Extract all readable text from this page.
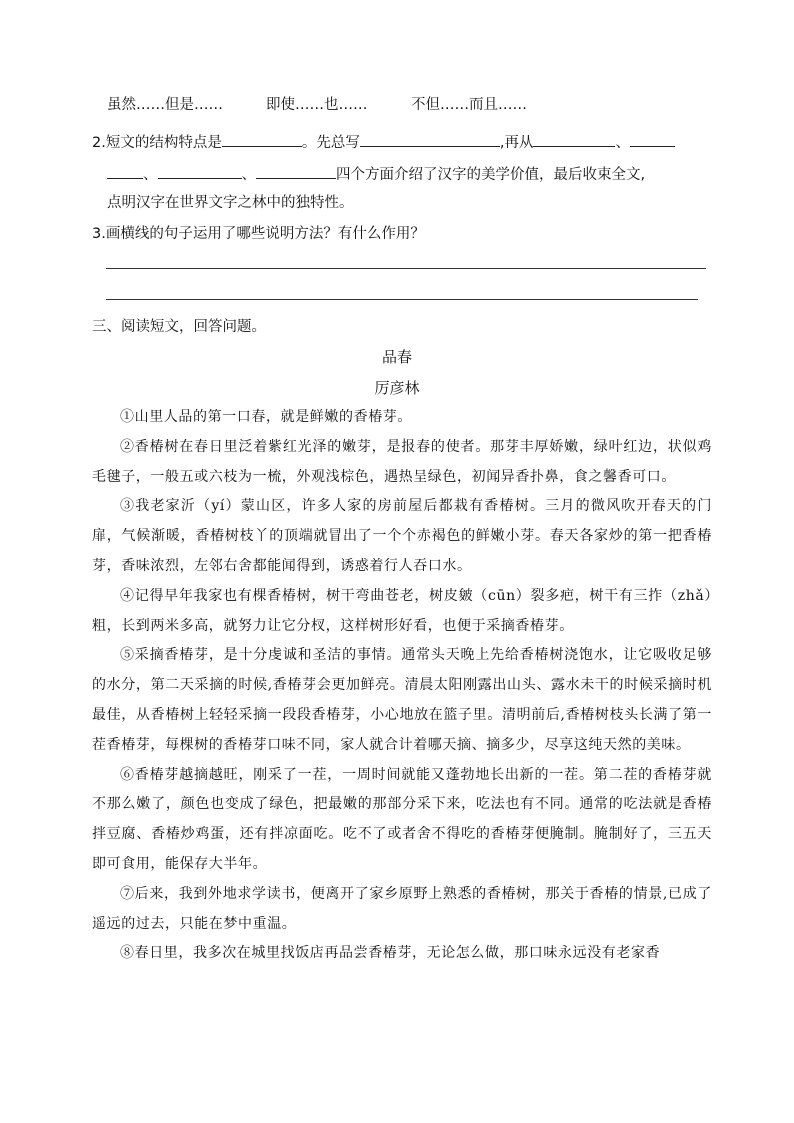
虽然……但是……	即使……也……	不但……而且……
2.短文的结构特点是	。先总写	,再从	、
、	、	四个方面介绍了汉字的美学价值，最后收束全文,
点明汉字在世界文字之林中的独特性。
3.画横线的句子运用了哪些说明方法？有什么作用？
三、阅读短文，回答问题。
品春
厉彦林

①山里人品的第一口春，就是鲜嫩的香椿芽。

②香椿树在春日里泛着紫红光泽的嫩芽，是报春的使者。那芽丰厚娇嫩，绿叶红边，状似鸡毛毽子，一般五或六枝为一梳，外观浅棕色，遇热呈绿色，初闻异香扑鼻，食之馨香可口。

③我老家沂（yí）蒙山区，许多人家的房前屋后都栽有香椿树。三月的微风吹开春天的门扉，气候渐暖，香椿树枝丫的顶端就冒出了一个个赤褐色的鲜嫩小芽。春天各家炒的第一把香椿芽，香味浓烈，左邻右舍都能闻得到，诱惑着行人吞口水。

④记得早年我家也有棵香椿树，树干弯曲苍老，树皮皴（cūn）裂多疤，树干有三拃（zhǎ）粗，长到两米多高，就努力让它分杈，这样树形好看，也便于采摘香椿芽。

⑤采摘香椿芽，是十分虔诚和圣洁的事情。通常头天晚上先给香椿树浇饱水，让它吸收足够的水分，第二天采摘的时候,香椿芽会更加鲜亮。清晨太阳刚露出山头、露水未干的时候采摘时机最佳，从香椿树上轻轻采摘一段段香椿芽，小心地放在篮子里。清明前后,香椿树枝头长满了第一茬香椿芽，每棵树的香椿芽口味不同，家人就合计着哪天摘、摘多少，尽享这纯天然的美味。

⑥香椿芽越摘越旺，刚采了一茬，一周时间就能又蓬勃地长出新的一茬。第二茬的香椿芽就不那么嫩了，颜色也变成了绿色，把最嫩的那部分采下来，吃法也有不同。通常的吃法就是香椿拌豆腐、香椿炒鸡蛋，还有拌凉面吃。吃不了或者舍不得吃的香椿芽便腌制。腌制好了，三五天即可食用，能保存大半年。

⑦后来，我到外地求学读书，便离开了家乡原野上熟悉的香椿树，那关于香椿的情景,已成了遥远的过去，只能在梦中重温。

⑧春日里，我多次在城里找饭店再品尝香椿芽，无论怎么做，那口味永远没有老家香
